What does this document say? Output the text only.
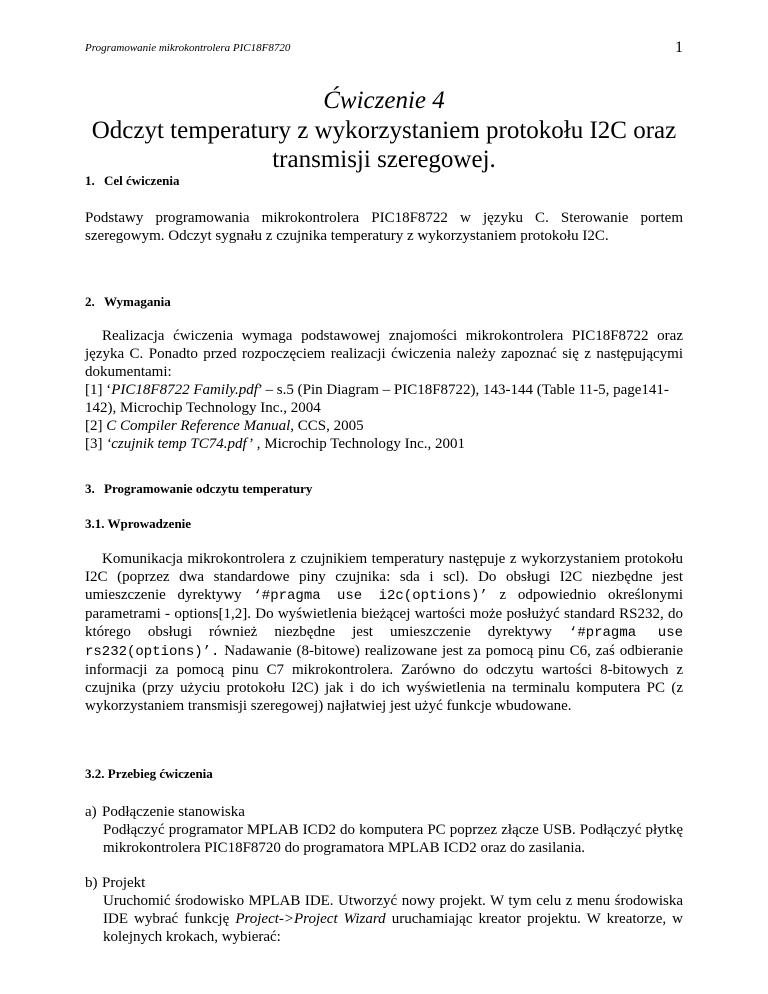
Programowanie mikrokontrolera PIC18F8720	1
Ćwiczenie 4
Odczyt temperatury z wykorzystaniem protokołu I2C oraz transmisji szeregowej.
1. Cel ćwiczenia

Podstawy programowania mikrokontrolera PIC18F8722 w języku C. Sterowanie portem szeregowym. Odczyt sygnału z czujnika temperatury z wykorzystaniem protokołu I2C.

2. Wymagania

Realizacja ćwiczenia wymaga podstawowej znajomości mikrokontrolera PIC18F8722 oraz języka C. Ponadto przed rozpoczęciem realizacji ćwiczenia należy zapoznać się z następującymi dokumentami:

[1] ‘PIC18F8722 Family.pdf’ – s.5 (Pin Diagram – PIC18F8722), 143-144 (Table 11-5, page141-142), Microchip Technology Inc., 2004
[2] C Compiler Reference Manual, CCS, 2005
[3] ‘czujnik temp TC74.pdf’ , Microchip Technology Inc., 2001
3. Programowanie odczytu temperatury
3.1. Wprowadzenie

Komunikacja mikrokontrolera z czujnikiem temperatury następuje z wykorzystaniem protokołu I2C (poprzez dwa standardowe piny czujnika: sda i scl). Do obsługi I2C niezbędne jest umieszczenie dyrektywy ‘#pragma use i2c(options)’ z odpowiednio określonymi parametrami - options[1,2]. Do wyświetlenia bieżącej wartości może posłużyć standard RS232, do którego obsługi również niezbędne jest umieszczenie dyrektywy ‘#pragma use rs232(options)’. Nadawanie (8-bitowe) realizowane jest za pomocą pinu C6, zaś odbieranie informacji za pomocą pinu C7 mikrokontrolera. Zarówno do odczytu wartości 8-bitowych z czujnika (przy użyciu protokołu I2C) jak i do ich wyświetlenia na terminalu komputera PC (z wykorzystaniem transmisji szeregowej) najłatwiej jest użyć funkcje wbudowane.

3.2. Przebieg ćwiczenia
a) Podłączenie stanowiska
Podłączyć programator MPLAB ICD2 do komputera PC poprzez złącze USB. Podłączyć płytkę mikrokontrolera PIC18F8720 do programatora MPLAB ICD2 oraz do zasilania.
b) Projekt
Uruchomić środowisko MPLAB IDE. Utworzyć nowy projekt. W tym celu z menu środowiska IDE wybrać funkcję Project->Project Wizard uruchamiając kreator projektu. W kreatorze, w kolejnych krokach, wybierać:
